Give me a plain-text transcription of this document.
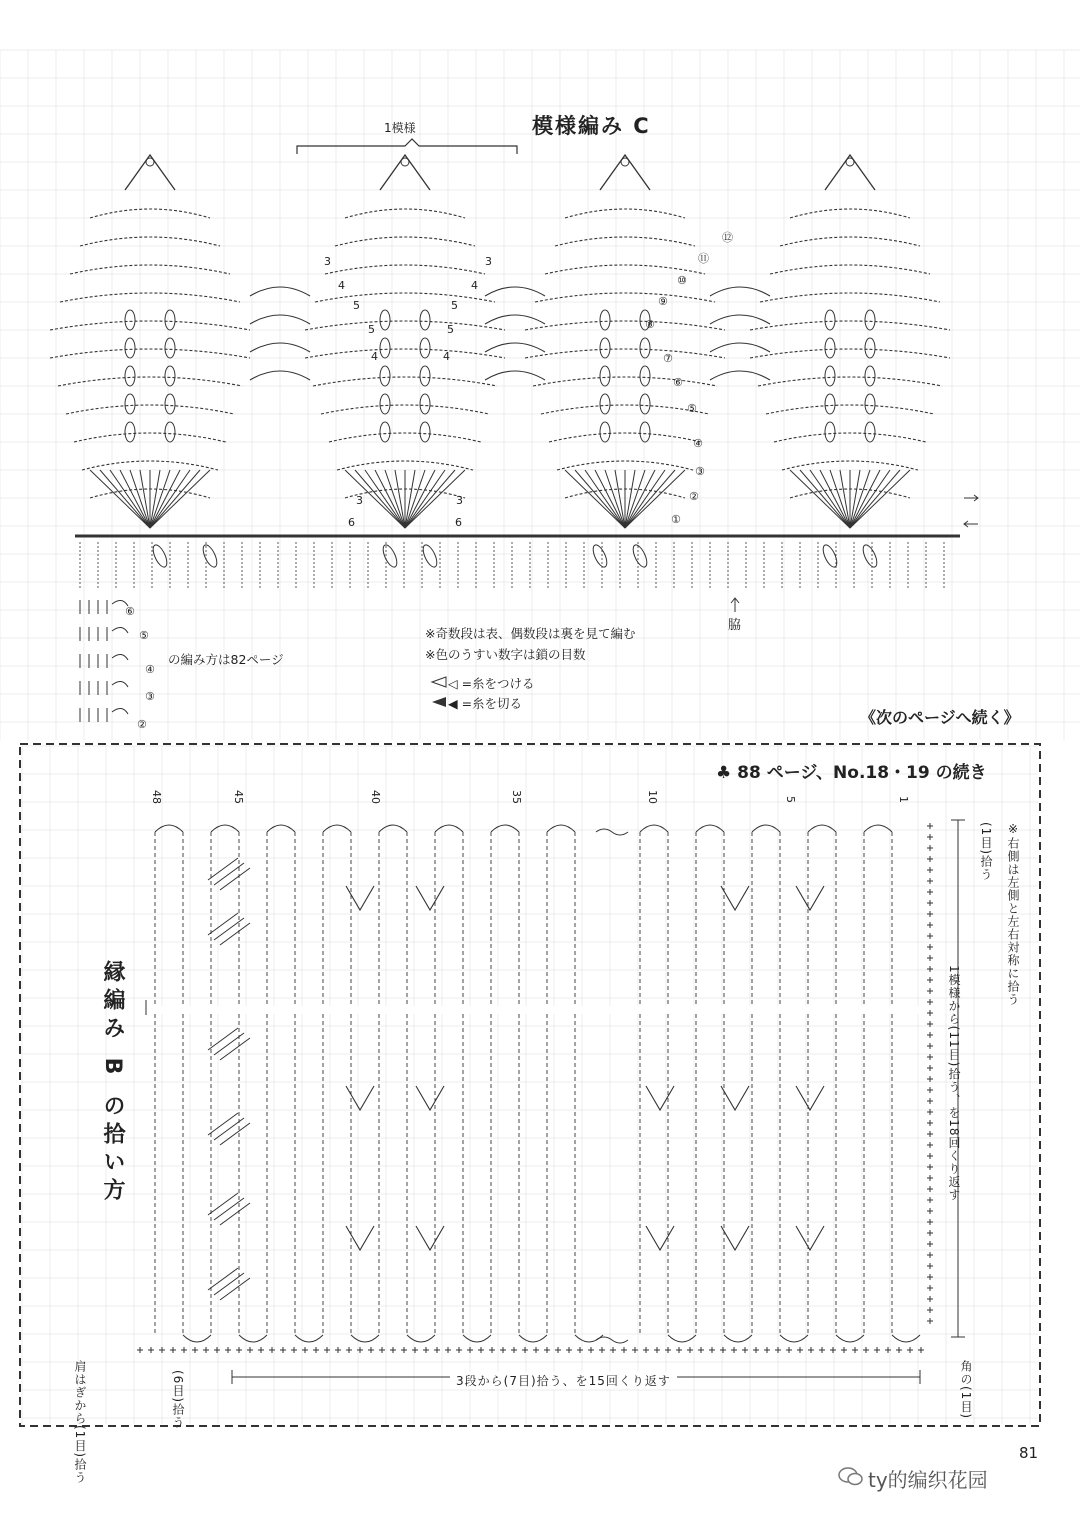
模様編み C
1模様
脇
※奇数段は表、偶数段は裏を見て編む
※色のうすい数字は鎖の目数
◁ =糸をつける
◀ =糸を切る
の編み方は82ページ
《次のページへ続く》
⑫
⑪
⑩
⑨
⑧
⑦
⑥
⑤
④
③
②
①
3	3
4	4
5	5
5	5
4	4
3	3
6	6
⑥
⑤
④
③
②
♣ 88 ページ、No.18・19 の続き
縁編み B の拾い方
48	45	40	35	10	5	1
1模様から(11目)拾う、を18回くり返す
※右側は左側と左右対称に拾う
(1目)拾う
3段から(7目)拾う、を15回くり返す
肩はぎから(1目)拾う	(6目)拾う	角の(1目)
81
ty的编织花园
